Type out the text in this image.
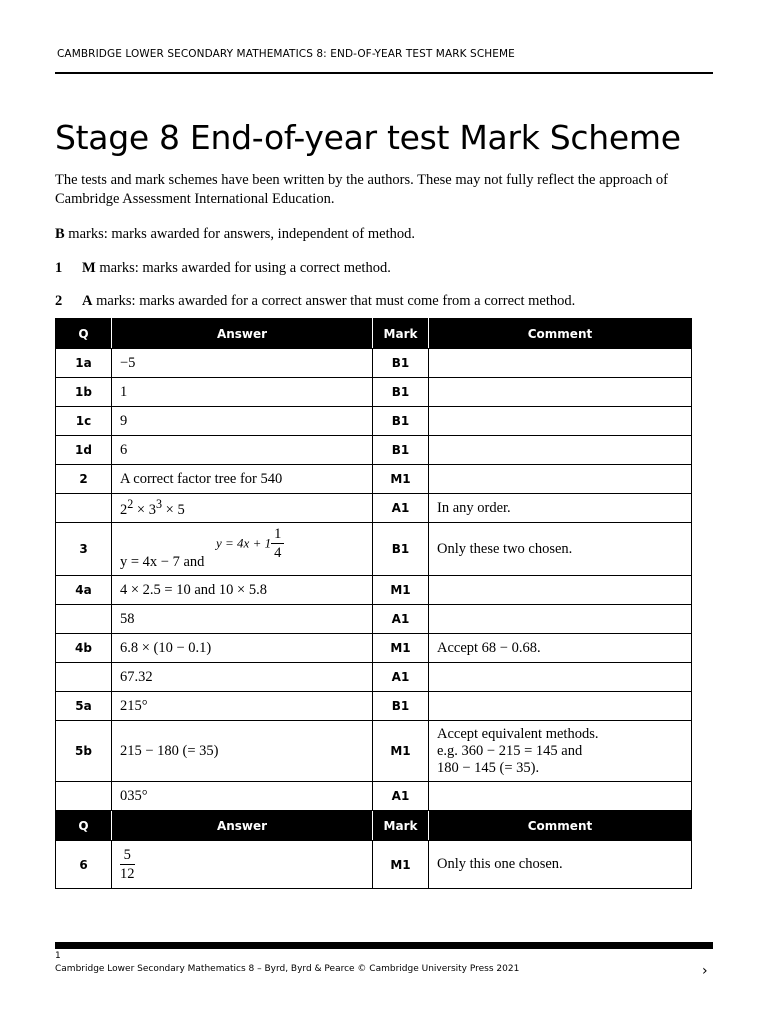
CAMBRIDGE LOWER SECONDARY MATHEMATICS 8: END-OF-YEAR TEST MARK SCHEME
Stage 8 End-of-year test Mark Scheme
The tests and mark schemes have been written by the authors. These may not fully reflect the approach of Cambridge Assessment International Education.
B marks: marks awarded for answers, independent of method.
1 M marks: marks awarded for using a correct method.
2 A marks: marks awarded for a correct answer that must come from a correct method.
Q	Answer	Mark	Comment
1a	−5	B1	
1b	1	B1	
1c	9	B1	
1d	6	B1	
2	A correct factor tree for 540	M1	
	$2^2 \times 3^3 \times 5$	A1	In any order.
3	y = 4x − 7 and
$y = 4x + 1 \frac{1}{4}$	B1	Only these two chosen.
4a	4 × 2.5 = 10 and 10 × 5.8	M1	
	58	A1	
4b	6.8 × (10 − 0.1)	M1	Accept 68 − 0.68.
	67.32	A1	
5a	215°	B1	
5b	215 − 180 (= 35)	M1	Accept equivalent methods.
e.g. 360 − 215 = 145 and
180 − 145 (= 35).

	035°	A1	
Q	Answer	Mark	Comment
6	$\frac{5}{12}$	M1	Only this one chosen.
1
Cambridge Lower Secondary Mathematics 8 – Byrd, Byrd & Pearce © Cambridge University Press 2021	›
